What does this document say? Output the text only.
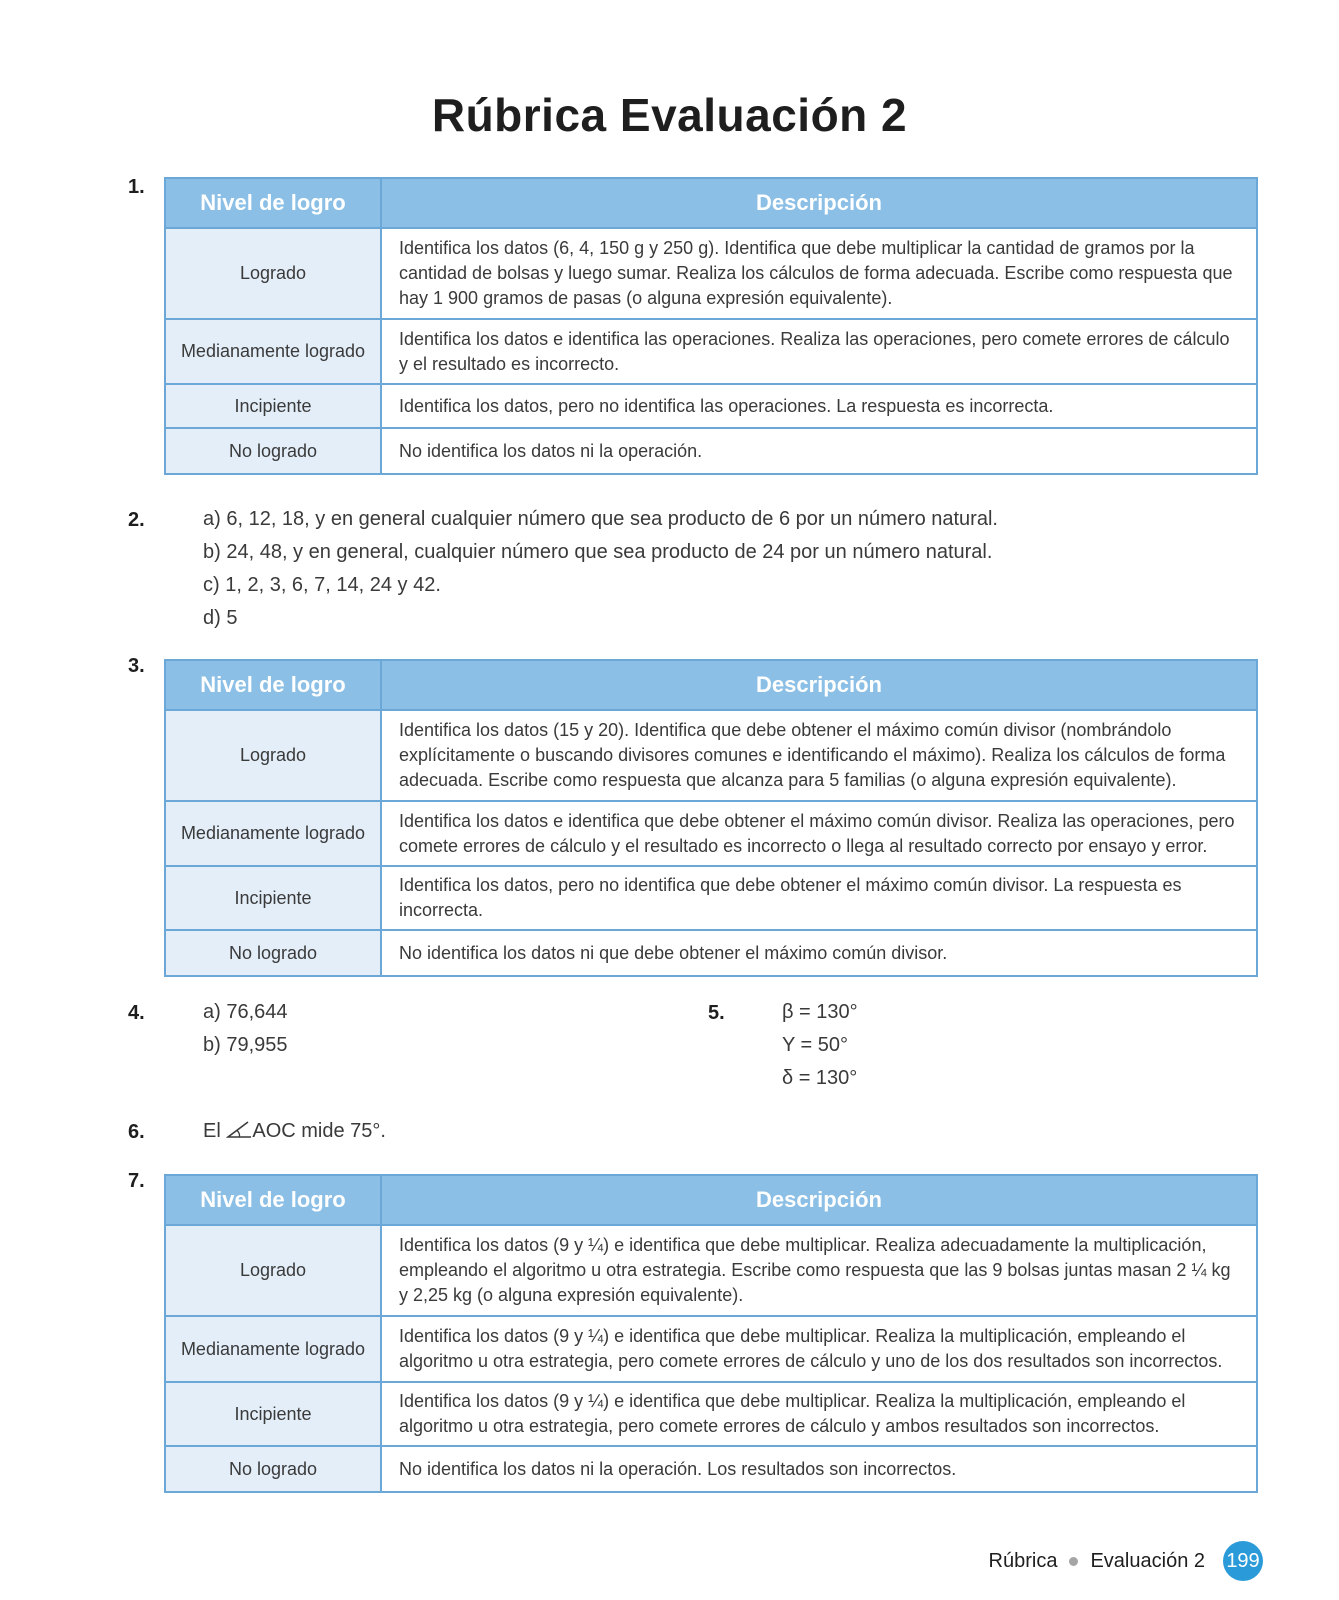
Rúbrica Evaluación 2
1.
Nivel de logro	Descripción
Logrado	Identifica los datos (6, 4, 150 g y 250 g). Identifica que debe multiplicar la cantidad de gramos por la cantidad de bolsas y luego sumar. Realiza los cálculos de forma adecuada. Escribe como respuesta que hay 1 900 gramos de pasas (o alguna expresión equivalente).
Medianamente logrado	Identifica los datos e identifica las operaciones. Realiza las operaciones, pero comete errores de cálculo y el resultado es incorrecto.
Incipiente	Identifica los datos, pero no identifica las operaciones. La respuesta es incorrecta.
No logrado	No identifica los datos ni la operación.
2.	a) 6, 12, 18, y en general cualquier número que sea producto de 6 por un número natural.
b) 24, 48, y en general, cualquier número que sea producto de 24 por un número natural.
c) 1, 2, 3, 6, 7, 14, 24 y 42.
d) 5
3.
Nivel de logro	Descripción
Logrado	Identifica los datos (15 y 20). Identifica que debe obtener el máximo común divisor (nombrándolo explícitamente o buscando divisores comunes e identificando el máximo). Realiza los cálculos de forma adecuada. Escribe como respuesta que alcanza para 5 familias (o alguna expresión equivalente).
Medianamente logrado	Identifica los datos e identifica que debe obtener el máximo común divisor. Realiza las operaciones, pero comete errores de cálculo y el resultado es incorrecto o llega al resultado correcto por ensayo y error.
Incipiente	Identifica los datos, pero no identifica que debe obtener el máximo común divisor. La respuesta es incorrecta.
No logrado	No identifica los datos ni que debe obtener el máximo común divisor.
4.	a) 76,644
b) 79,955
5.	β = 130°
Υ = 50°
δ = 130°
6.	El AOC mide 75°.
7.
Nivel de logro	Descripción
Logrado	Identifica los datos (9 y ¼) e identifica que debe multiplicar. Realiza adecuadamente la multiplicación, empleando el algoritmo u otra estrategia. Escribe como respuesta que las 9 bolsas juntas masan 2 ¼ kg y 2,25 kg (o alguna expresión equivalente).
Medianamente logrado	Identifica los datos (9 y ¼) e identifica que debe multiplicar. Realiza la multiplicación, empleando el algoritmo u otra estrategia, pero comete errores de cálculo y uno de los dos resultados son incorrectos.
Incipiente	Identifica los datos (9 y ¼) e identifica que debe multiplicar. Realiza la multiplicación, empleando el algoritmo u otra estrategia, pero comete errores de cálculo y ambos resultados son incorrectos.
No logrado	No identifica los datos ni la operación. Los resultados son incorrectos.
Rúbrica Evaluación 2 199
